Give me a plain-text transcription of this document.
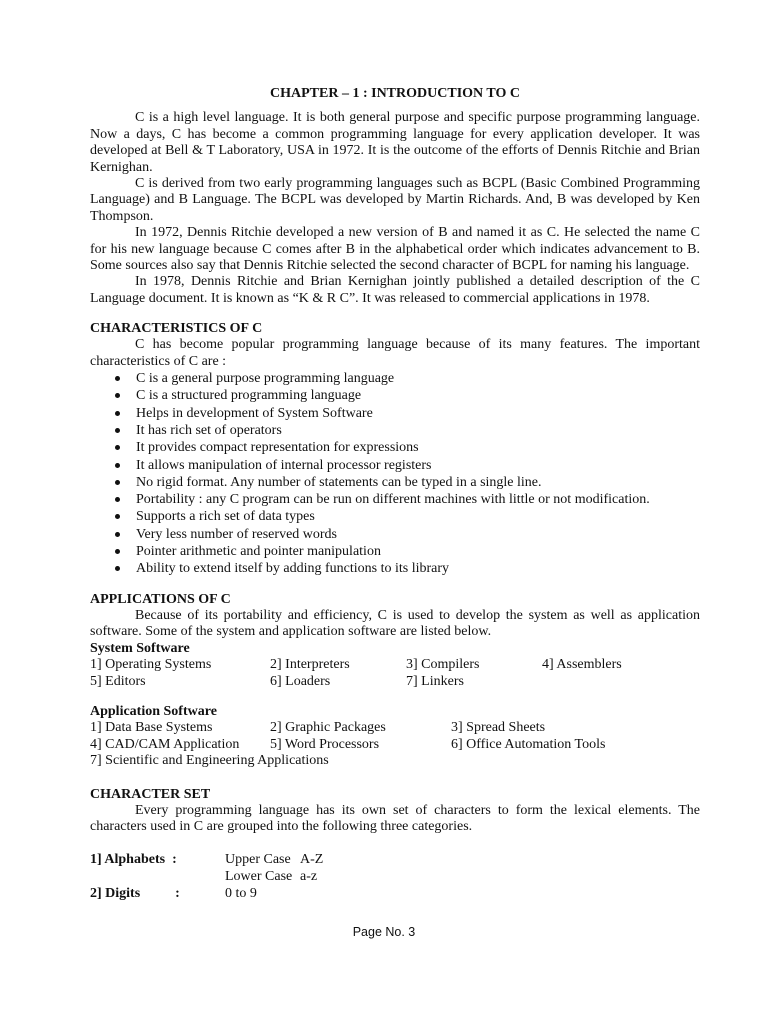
CHAPTER – 1 : INTRODUCTION TO C

C is a high level language. It is both general purpose and specific purpose programming language. Now a days, C has become a common programming language for every application developer. It was developed at Bell & T Laboratory, USA in 1972. It is the outcome of the efforts of Dennis Ritchie and Brian Kernighan.

C is derived from two early programming languages such as BCPL (Basic Combined Programming Language) and B Language. The BCPL was developed by Martin Richards. And, B was developed by Ken Thompson.

In 1972, Dennis Ritchie developed a new version of B and named it as C. He selected the name C for his new language because C comes after B in the alphabetical order which indicates advancement to B. Some sources also say that Dennis Ritchie selected the second character of BCPL for naming his language.

In 1978, Dennis Ritchie and Brian Kernighan jointly published a detailed description of the C Language document. It is known as “K & R C”. It was released to commercial applications in 1978.

CHARACTERISTICS OF C

C has become popular programming language because of its many features. The important characteristics of C are :

C is a general purpose programming language
C is a structured programming language
Helps in development of System Software
It has rich set of operators
It provides compact representation for expressions
It allows manipulation of internal processor registers
No rigid format. Any number of statements can be typed in a single line.
Portability : any C program can be run on different machines with little or not modification.
Supports a rich set of data types
Very less number of reserved words
Pointer arithmetic and pointer manipulation
Ability to extend itself by adding functions to its library
APPLICATIONS OF C

Because of its portability and efficiency, C is used to develop the system as well as application software. Some of the system and application software are listed below.

System Software
1] Operating Systems	2] Interpreters	3] Compilers	4] Assemblers
5] Editors	6] Loaders	7] Linkers
Application Software
1] Data Base Systems	2] Graphic Packages	3] Spread Sheets
4] CAD/CAM Application	5] Word Processors	6] Office Automation Tools
7] Scientific and Engineering Applications
CHARACTER SET

Every programming language has its own set of characters to form the lexical elements. The characters used in C are grouped into the following three categories.

1] Alphabets :	Upper Case A-Z
Lower Case a-z
2] Digits	:	0 to 9
Page No. 3
